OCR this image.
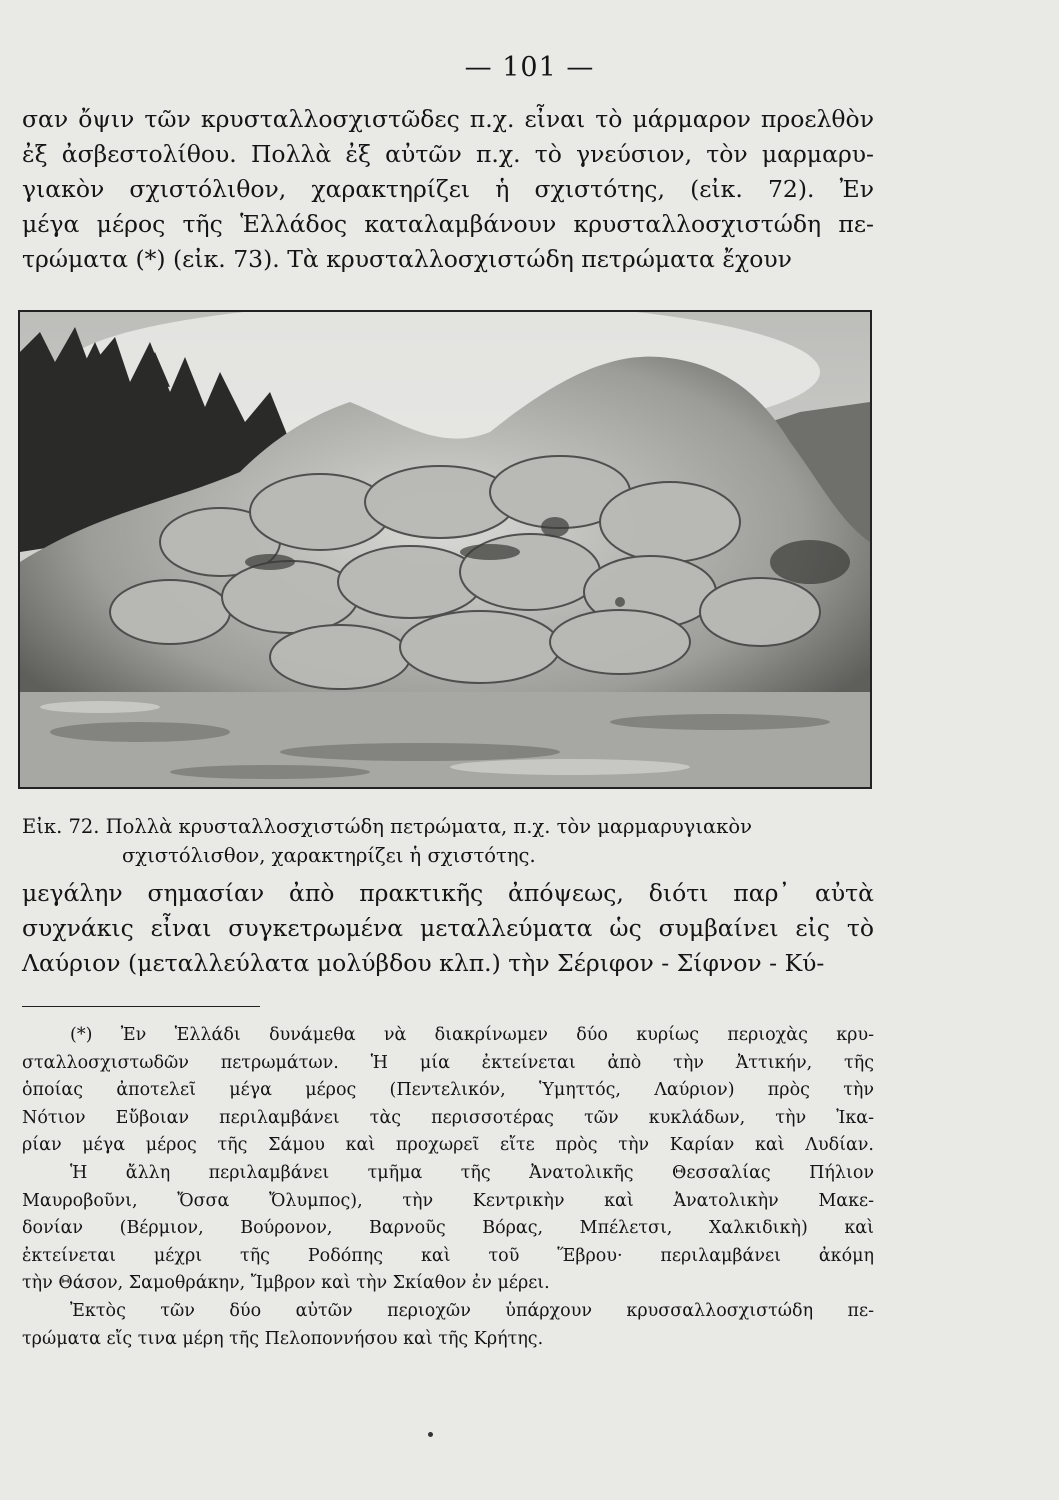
— 101 —
σαν ὄψιν τῶν κρυσταλλοσχιστῶδες π.χ. εἶναι τὸ μάρμαρον προελθὸν
ἐξ ἀσβεστολίθου. Πολλὰ ἐξ αὐτῶν π.χ. τὸ γνεύσιον, τὸν μαρμαρυ-
γιακὸν σχιστόλιθον, χαρακτηρίζει ἡ σχιστότης, (εἰκ. 72). Ἐν
μέγα μέρος τῆς Ἑλλάδος καταλαμβάνουν κρυσταλλοσχιστώδη πε-
τρώματα (*) (εἰκ. 73). Τὰ κρυσταλλοσχιστώδη πετρώματα ἔχουν
Εἰκ. 72. Πολλὰ κρυσταλλοσχιστώδη πετρώματα, π.χ. τὸν μαρμαρυγιακὸν
σχιστόλισθον, χαρακτηρίζει ἡ σχιστότης.
μεγάλην σημασίαν ἀπὸ πρακτικῆς ἀπόψεως, διότι παρ᾽ αὐτὰ
συχνάκις εἶναι συγκετρωμένα μεταλλεύματα ὡς συμβαίνει εἰς τὸ
Λαύριον (μεταλλεύλατα μολύβδου κλπ.) τὴν Σέριφον - Σίφνον - Κύ-
(*) Ἐν Ἑλλάδι δυνάμεθα νὰ διακρίνωμεν δύο κυρίως περιοχὰς κρυ-
σταλλοσχιστωδῶν πετρωμάτων. Ἡ μία ἐκτείνεται ἀπὸ τὴν Ἀττικήν, τῆς
ὁποίας ἀποτελεῖ μέγα μέρος (Πεντελικόν, Ὑμηττός, Λαύριον) πρὸς τὴν
Νότιον Εὔβοιαν περιλαμβάνει τὰς περισσοτέρας τῶν κυκλάδων, τὴν Ἰκα-
ρίαν μέγα μέρος τῆς Σάμου καὶ προχωρεῖ εἴτε πρὸς τὴν Καρίαν καὶ Λυδίαν.
Ἡ ἄλλη περιλαμβάνει τμῆμα τῆς Ἀνατολικῆς Θεσσαλίας Πήλιον
Μαυροβοῦνι, Ὄσσα Ὄλυμπος), τὴν Κεντρικὴν καὶ Ἀνατολικὴν Μακε-
δονίαν (Βέρμιον, Βούρονον, Βαρνοῦς Βόρας, Μπέλετσι, Χαλκιδικὴ) καὶ
ἐκτείνεται μέχρι τῆς Ροδόπης καὶ τοῦ Ἕβρου· περιλαμβάνει ἀκόμη
τὴν Θάσον, Σαμοθράκην, Ἴμβρον καὶ τὴν Σκίαθον ἐν μέρει.
Ἐκτὸς τῶν δύο αὐτῶν περιοχῶν ὑπάρχουν κρυσσαλλοσχιστώδη πε-
τρώματα εἴς τινα μέρη τῆς Πελοποννήσου καὶ τῆς Κρήτης.
